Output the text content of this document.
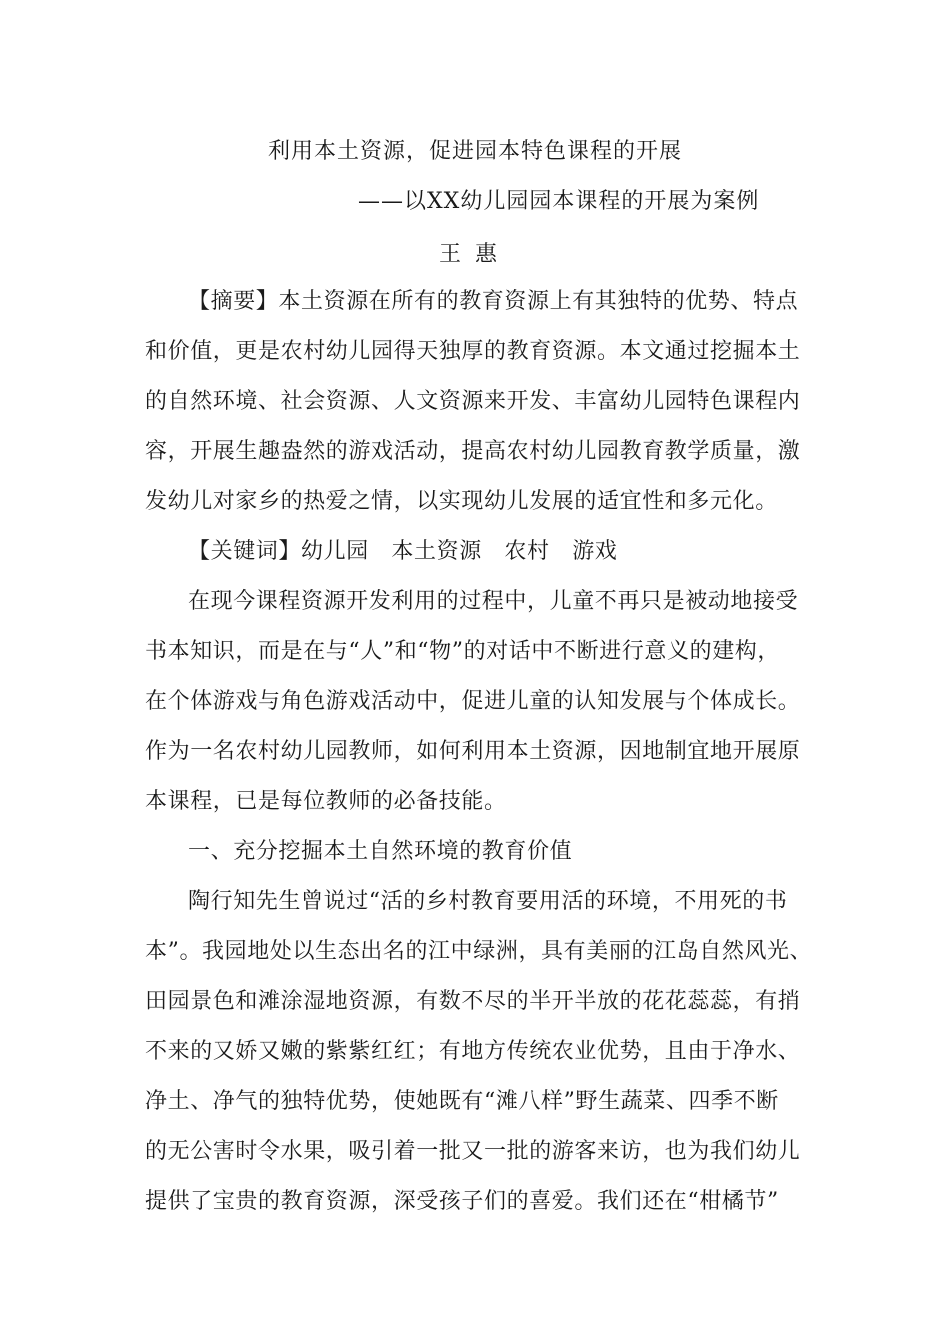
利用本土资源，促进园本特色课程的开展
——以XX幼儿园园本课程的开展为案例
王惠
【摘要】本土资源在所有的教育资源上有其独特的优势、特点
和价值，更是农村幼儿园得天独厚的教育资源。本文通过挖掘本土
的自然环境、社会资源、人文资源来开发、丰富幼儿园特色课程内
容，开展生趣盎然的游戏活动，提高农村幼儿园教育教学质量，激
发幼儿对家乡的热爱之情，以实现幼儿发展的适宜性和多元化。
【关键词】幼儿园　本土资源　农村　游戏
在现今课程资源开发利用的过程中，儿童不再只是被动地接受
书本知识，而是在与“人”和“物”的对话中不断进行意义的建构，
在个体游戏与角色游戏活动中，促进儿童的认知发展与个体成长。
作为一名农村幼儿园教师，如何利用本土资源，因地制宜地开展原
本课程，已是每位教师的必备技能。
一、充分挖掘本土自然环境的教育价值
陶行知先生曾说过“活的乡村教育要用活的环境，不用死的书
本”。我园地处以生态出名的江中绿洲，具有美丽的江岛自然风光、
田园景色和滩涂湿地资源，有数不尽的半开半放的花花蕊蕊，有捎
不来的又娇又嫩的紫紫红红；有地方传统农业优势，且由于净水、
净土、净气的独特优势，使她既有“滩八样”野生蔬菜、四季不断
的无公害时令水果，吸引着一批又一批的游客来访，也为我们幼儿
提供了宝贵的教育资源，深受孩子们的喜爱。我们还在“柑橘节”
